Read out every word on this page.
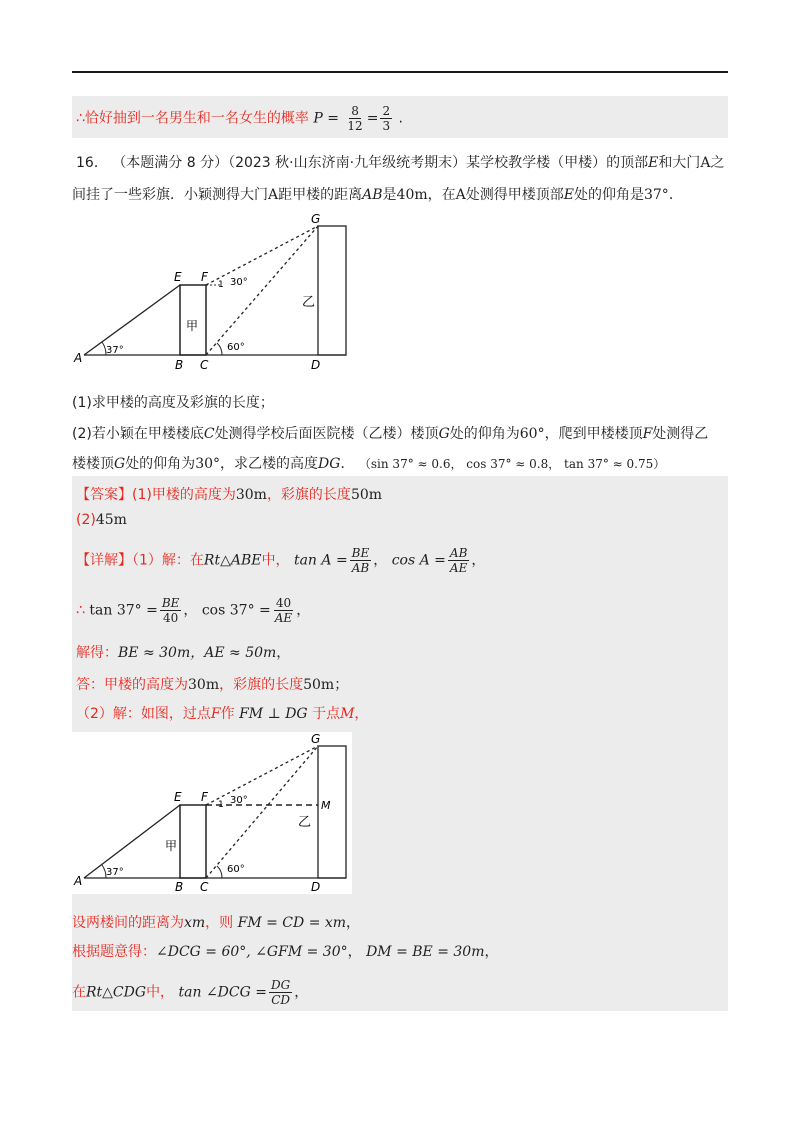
∴恰好抽到一名男生和一名女生的概率 $P = \frac{8}{12} = \frac{2}{3}$ .
16． （本题满分 8 分）（2023 秋·山东济南·九年级统考期末）某学校教学楼（甲楼）的顶部E和大门A之
间挂了一些彩旗．小颖测得大门A距甲楼的距离AB是40m，在A处测得甲楼顶部E处的仰角是37°．
A	B C	D
E F
G
甲
乙
37°
30°
60°
1
(1)求甲楼的高度及彩旗的长度；
(2)若小颖在甲楼楼底C处测得学校后面医院楼（乙楼）楼顶G处的仰角为60°，爬到甲楼楼顶F处测得乙
楼楼顶G处的仰角为30°，求乙楼的高度DG． （sin 37° ≈ 0.6， cos 37° ≈ 0.8， tan 37° ≈ 0.75）
【答案】(1)甲楼的高度为30m，彩旗的长度50m
(2)45m
【详解】（1）解：在Rt△ABE中， $\tan A = \frac{BE}{AB}$ ， $\cos A = \frac{AB}{AE}$ ，
∴ $\tan 37^\circ = \frac{BE}{40}$ ， $\cos 37^\circ = \frac{40}{AE}$ ，
解得：BE ≈ 30m，AE ≈ 50m，
答：甲楼的高度为30m，彩旗的长度50m；
（2）解：如图，过点F作 FM ⊥ DG 于点M，
A	B C	D
E F
G
M
甲
乙
37°
30°
60°
1
设两楼间的距离为xm，则 FM = CD = xm，
根据题意得：∠DCG = 60°, ∠GFM = 30°， DM = BE = 30m，
在Rt△CDG中， tan ∠DCG = $\frac{DG}{CD}$ ，
